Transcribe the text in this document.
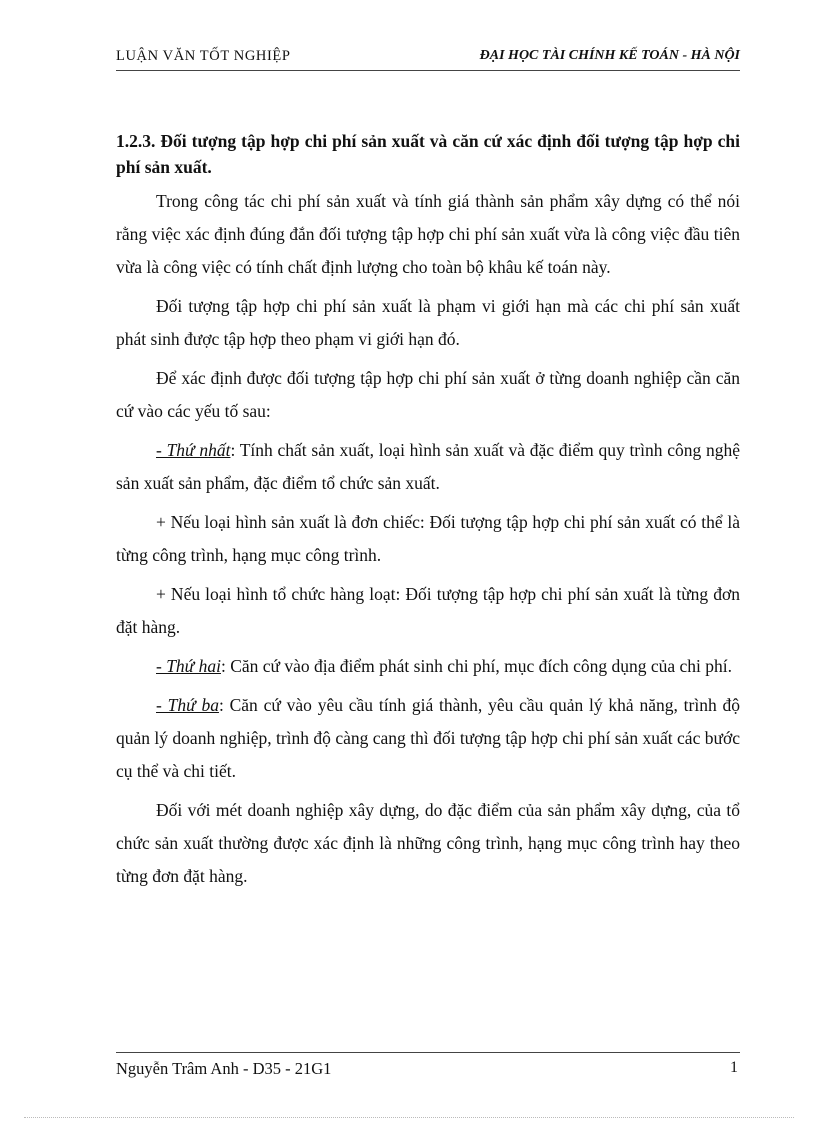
LUẬN VĂN TỐT NGHIỆP	ĐẠI HỌC TÀI CHÍNH KẾ TOÁN - HÀ NỘI

1.2.3. Đối tượng tập hợp chi phí sản xuất và căn cứ xác định đối tượng tập hợp chi phí sản xuất.

Trong công tác chi phí sản xuất và tính giá thành sản phẩm xây dựng có thể nói rằng việc xác định đúng đắn đối tượng tập hợp chi phí sản xuất vừa là công việc đầu tiên vừa là công việc có tính chất định lượng cho toàn bộ khâu kế toán này.

Đối tượng tập hợp chi phí sản xuất là phạm vi giới hạn mà các chi phí sản xuất phát sinh được tập hợp theo phạm vi giới hạn đó.

Để xác định được đối tượng tập hợp chi phí sản xuất ở từng doanh nghiệp cần căn cứ vào các yếu tố sau:

- Thứ nhất: Tính chất sản xuất, loại hình sản xuất và đặc điểm quy trình công nghệ sản xuất sản phẩm, đặc điểm tổ chức sản xuất.

+ Nếu loại hình sản xuất là đơn chiếc: Đối tượng tập hợp chi phí sản xuất có thể là từng công trình, hạng mục công trình.

+ Nếu loại hình tổ chức hàng loạt: Đối tượng tập hợp chi phí sản xuất là từng đơn đặt hàng.

- Thứ hai: Căn cứ vào địa điểm phát sinh chi phí, mục đích công dụng của chi phí.

- Thứ ba: Căn cứ vào yêu cầu tính giá thành, yêu cầu quản lý khả năng, trình độ quản lý doanh nghiệp, trình độ càng cang thì đối tượng tập hợp chi phí sản xuất các bước cụ thể và chi tiết.

Đối với mét doanh nghiệp xây dựng, do đặc điểm của sản phẩm xây dựng, của tổ chức sản xuất thường được xác định là những công trình, hạng mục công trình hay theo từng đơn đặt hàng.

Nguyễn Trâm Anh - D35 - 21G1	1
